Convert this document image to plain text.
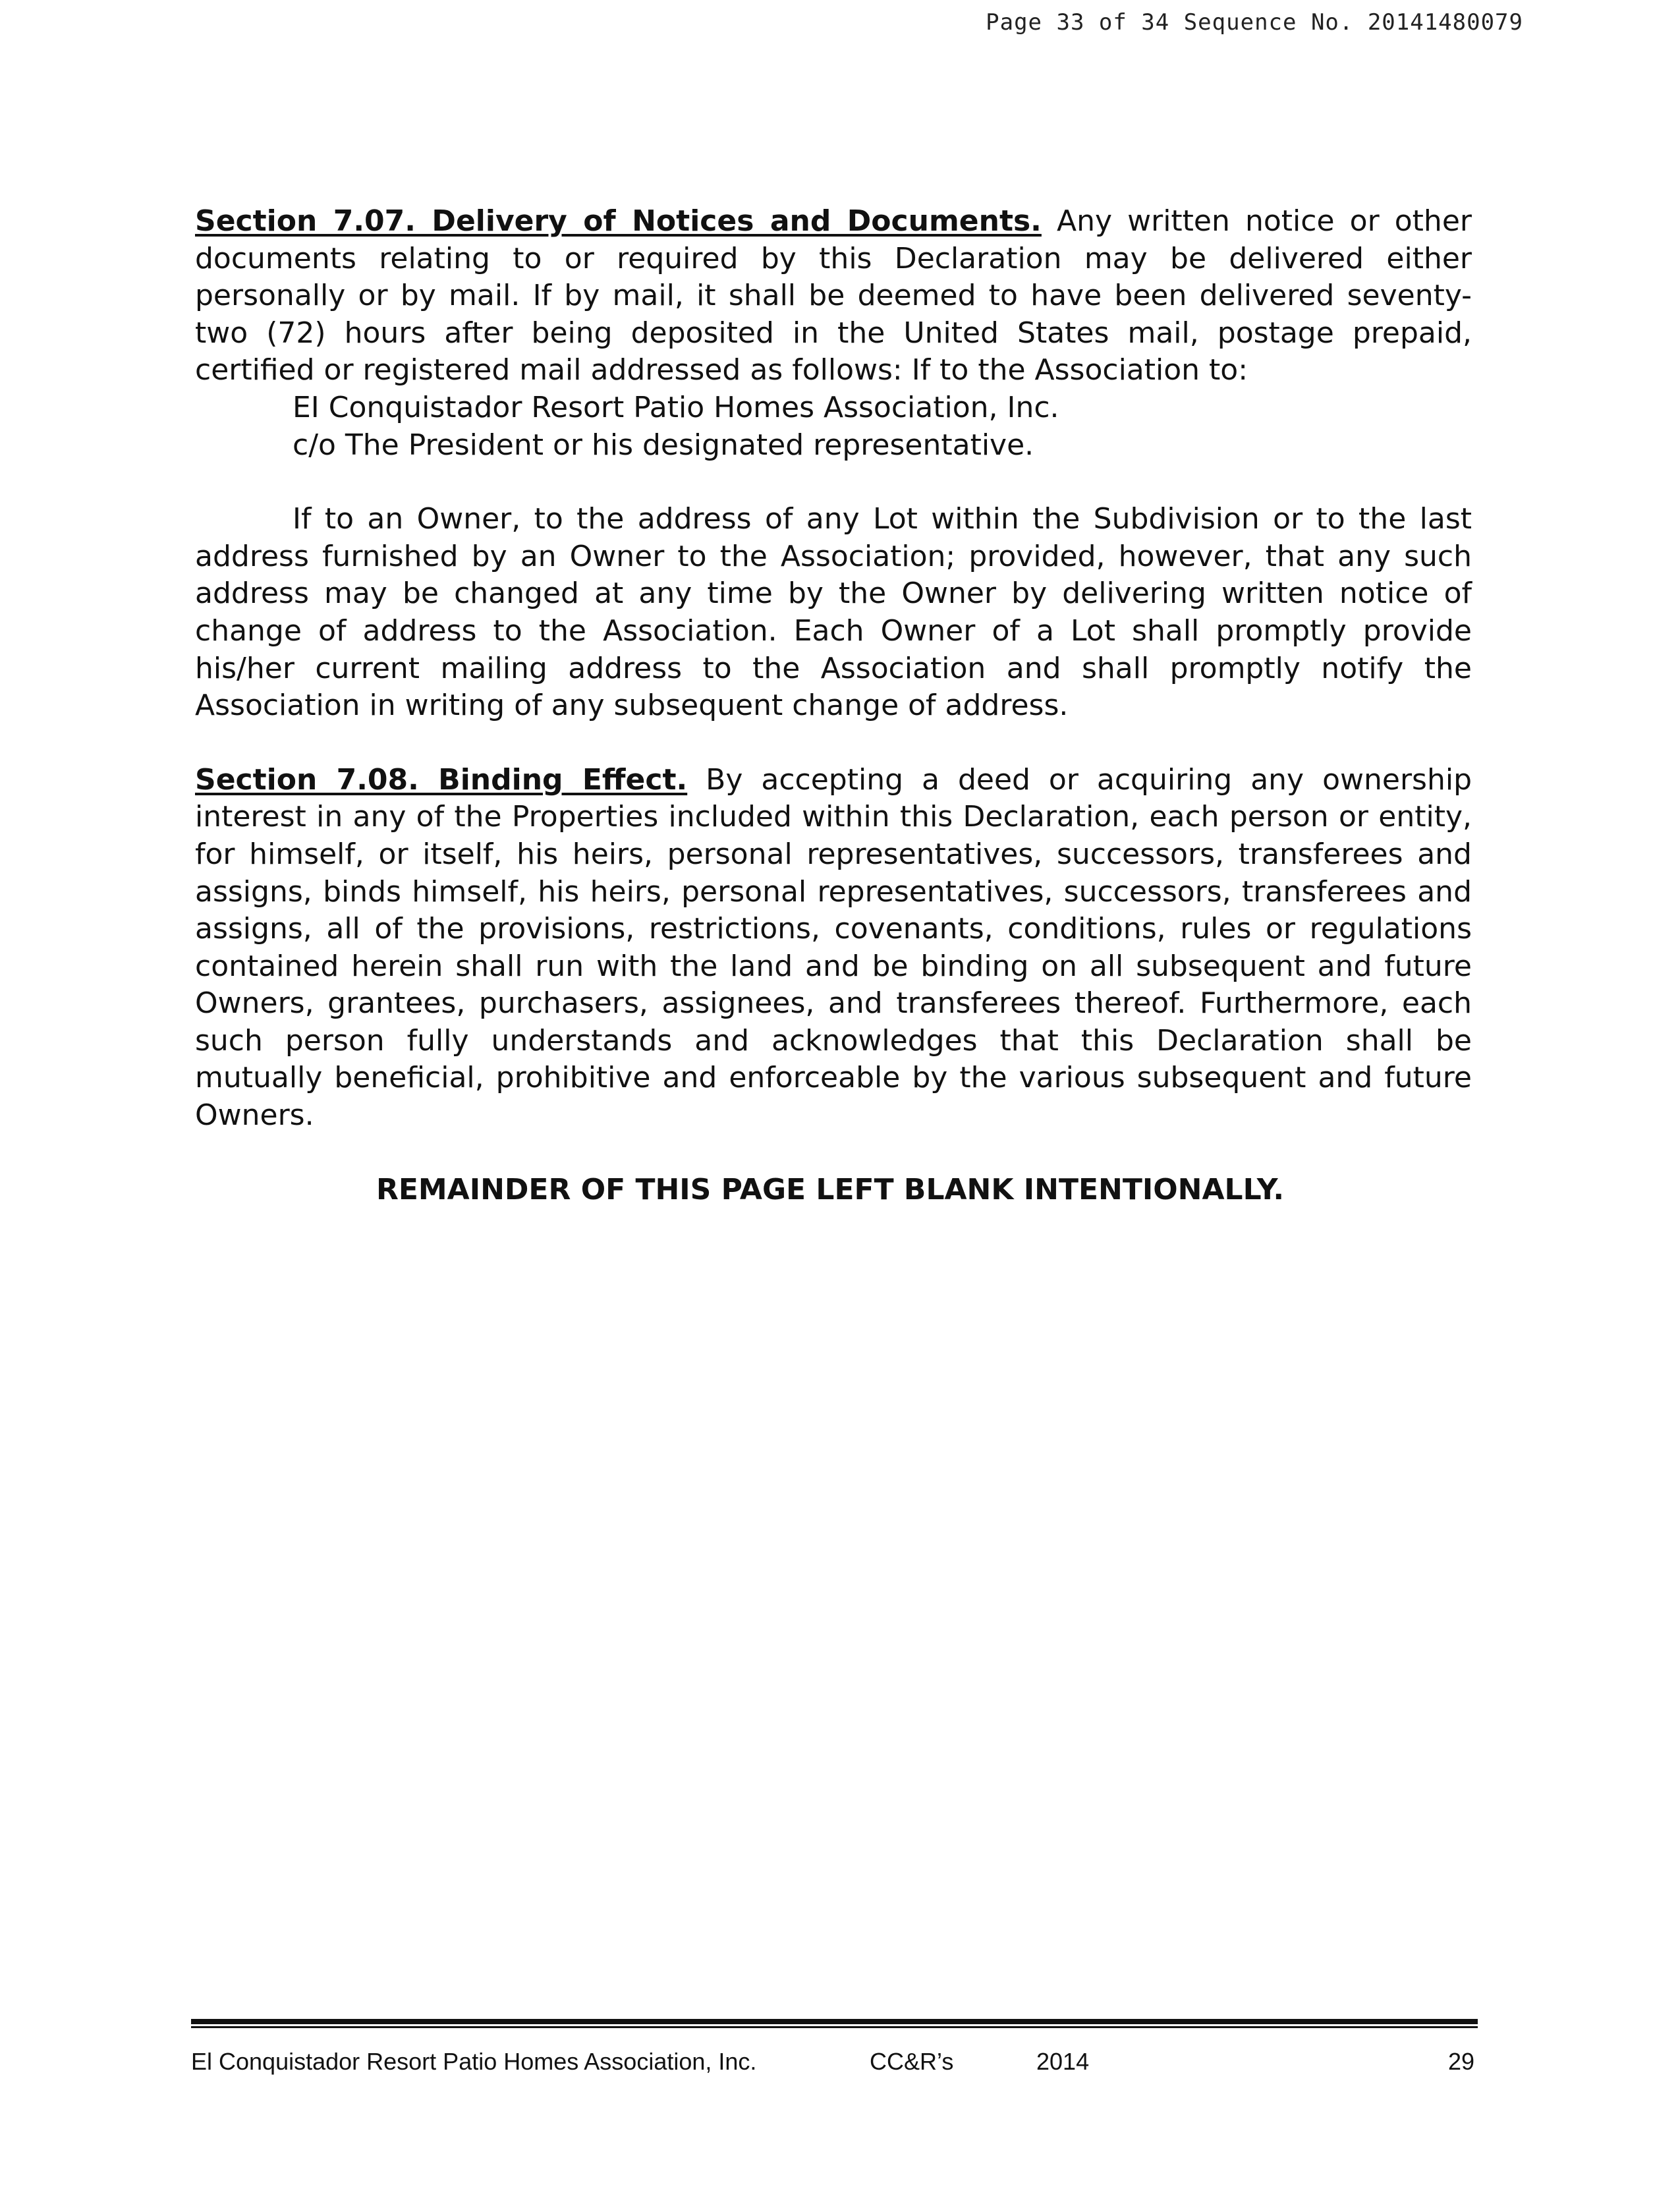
Page 33 of 34 Sequence No. 20141480079

Section 7.07. Delivery of Notices and Documents. Any written notice or other documents relating to or required by this Declaration may be delivered either personally or by mail. If by mail, it shall be deemed to have been delivered seventy-two (72) hours after being deposited in the United States mail, postage prepaid, certified or registered mail addressed as follows: If to the Association to:

EI Conquistador Resort Patio Homes Association, Inc.
c/o The President or his designated representative.

If to an Owner, to the address of any Lot within the Subdivision or to the last address furnished by an Owner to the Association; provided, however, that any such address may be changed at any time by the Owner by delivering written notice of change of address to the Association. Each Owner of a Lot shall promptly provide his/her current mailing address to the Association and shall promptly notify the Association in writing of any subsequent change of address.

Section 7.08. Binding Effect. By accepting a deed or acquiring any ownership interest in any of the Properties included within this Declaration, each person or entity, for himself, or itself, his heirs, personal representatives, successors, transferees and assigns, binds himself, his heirs, personal representatives, successors, transferees and assigns, all of the provisions, restrictions, covenants, conditions, rules or regulations contained herein shall run with the land and be binding on all subsequent and future Owners, grantees, purchasers, assignees, and transferees thereof. Furthermore, each such person fully understands and acknowledges that this Declaration shall be mutually beneficial, prohibitive and enforceable by the various subsequent and future Owners.

REMAINDER OF THIS PAGE LEFT BLANK INTENTIONALLY.
El Conquistador Resort Patio Homes Association, Inc.	CC&R’s	2014	29
